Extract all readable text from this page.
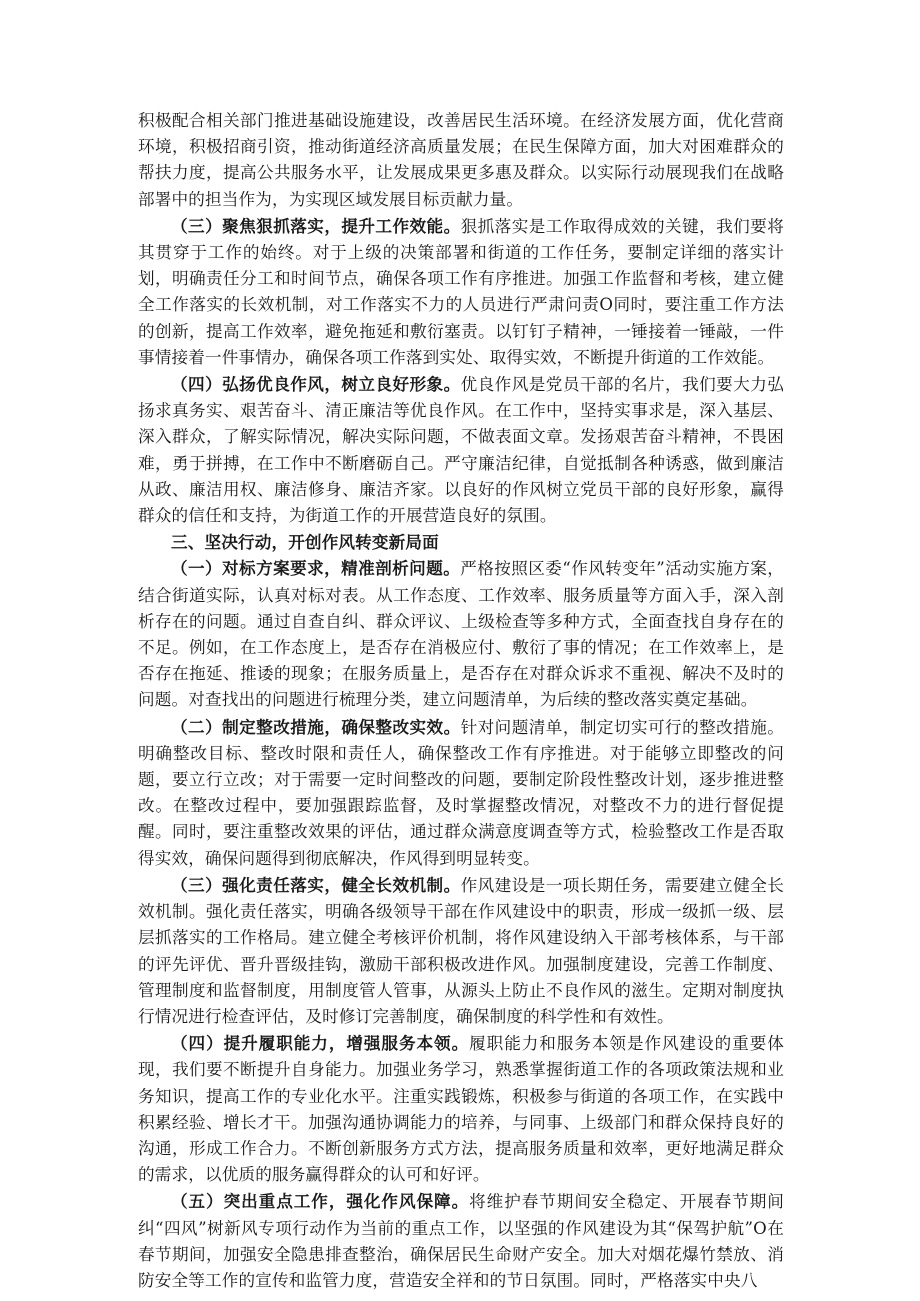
积极配合相关部门推进基础设施建设，改善居民生活环境。在经济发展方面，优化营商环境，积极招商引资，推动街道经济高质量发展；在民生保障方面，加大对困难群众的帮扶力度，提高公共服务水平，让发展成果更多惠及群众。以实际行动展现我们在战略部署中的担当作为，为实现区域发展目标贡献力量。

（三）聚焦狠抓落实，提升工作效能。狠抓落实是工作取得成效的关键，我们要将其贯穿于工作的始终。对于上级的决策部署和街道的工作任务，要制定详细的落实计划，明确责任分工和时间节点，确保各项工作有序推进。加强工作监督和考核，建立健全工作落实的长效机制，对工作落实不力的人员进行严肃问责O同时，要注重工作方法的创新，提高工作效率，避免拖延和敷衍塞责。以钉钉子精神，一锤接着一锤敲，一件事情接着一件事情办，确保各项工作落到实处、取得实效，不断提升街道的工作效能。

（四）弘扬优良作风，树立良好形象。优良作风是党员干部的名片，我们要大力弘扬求真务实、艰苦奋斗、清正廉洁等优良作风。在工作中，坚持实事求是，深入基层、深入群众，了解实际情况，解决实际问题，不做表面文章。发扬艰苦奋斗精神，不畏困难，勇于拼搏，在工作中不断磨砺自己。严守廉洁纪律，自觉抵制各种诱惑，做到廉洁从政、廉洁用权、廉洁修身、廉洁齐家。以良好的作风树立党员干部的良好形象，赢得群众的信任和支持，为街道工作的开展营造良好的氛围。

三、坚决行动，开创作风转变新局面

（一）对标方案要求，精准剖析问题。严格按照区委“作风转变年”活动实施方案，结合街道实际，认真对标对表。从工作态度、工作效率、服务质量等方面入手，深入剖析存在的问题。通过自查自纠、群众评议、上级检查等多种方式，全面查找自身存在的不足。例如，在工作态度上，是否存在消极应付、敷衍了事的情况；在工作效率上，是否存在拖延、推诿的现象；在服务质量上，是否存在对群众诉求不重视、解决不及时的问题。对查找出的问题进行梳理分类，建立问题清单，为后续的整改落实奠定基础。

（二）制定整改措施，确保整改实效。针对问题清单，制定切实可行的整改措施。明确整改目标、整改时限和责任人，确保整改工作有序推进。对于能够立即整改的问题，要立行立改；对于需要一定时间整改的问题，要制定阶段性整改计划，逐步推进整改。在整改过程中，要加强跟踪监督，及时掌握整改情况，对整改不力的进行督促提醒。同时，要注重整改效果的评估，通过群众满意度调查等方式，检验整改工作是否取得实效，确保问题得到彻底解决，作风得到明显转变。

（三）强化责任落实，健全长效机制。作风建设是一项长期任务，需要建立健全长效机制。强化责任落实，明确各级领导干部在作风建设中的职责，形成一级抓一级、层层抓落实的工作格局。建立健全考核评价机制，将作风建设纳入干部考核体系，与干部的评先评优、晋升晋级挂钩，激励干部积极改进作风。加强制度建设，完善工作制度、管理制度和监督制度，用制度管人管事，从源头上防止不良作风的滋生。定期对制度执行情况进行检查评估，及时修订完善制度，确保制度的科学性和有效性。

（四）提升履职能力，增强服务本领。履职能力和服务本领是作风建设的重要体现，我们要不断提升自身能力。加强业务学习，熟悉掌握街道工作的各项政策法规和业务知识，提高工作的专业化水平。注重实践锻炼，积极参与街道的各项工作，在实践中积累经验、增长才干。加强沟通协调能力的培养，与同事、上级部门和群众保持良好的沟通，形成工作合力。不断创新服务方式方法，提高服务质量和效率，更好地满足群众的需求，以优质的服务赢得群众的认可和好评。

（五）突出重点工作，强化作风保障。将维护春节期间安全稳定、开展春节期间纠“四风”树新风专项行动作为当前的重点工作，以坚强的作风建设为其“保驾护航”O在春节期间，加强安全隐患排查整治，确保居民生命财产安全。加大对烟花爆竹禁放、消防安全等工作的宣传和监管力度，营造安全祥和的节日氛围。同时，严格落实中央八
